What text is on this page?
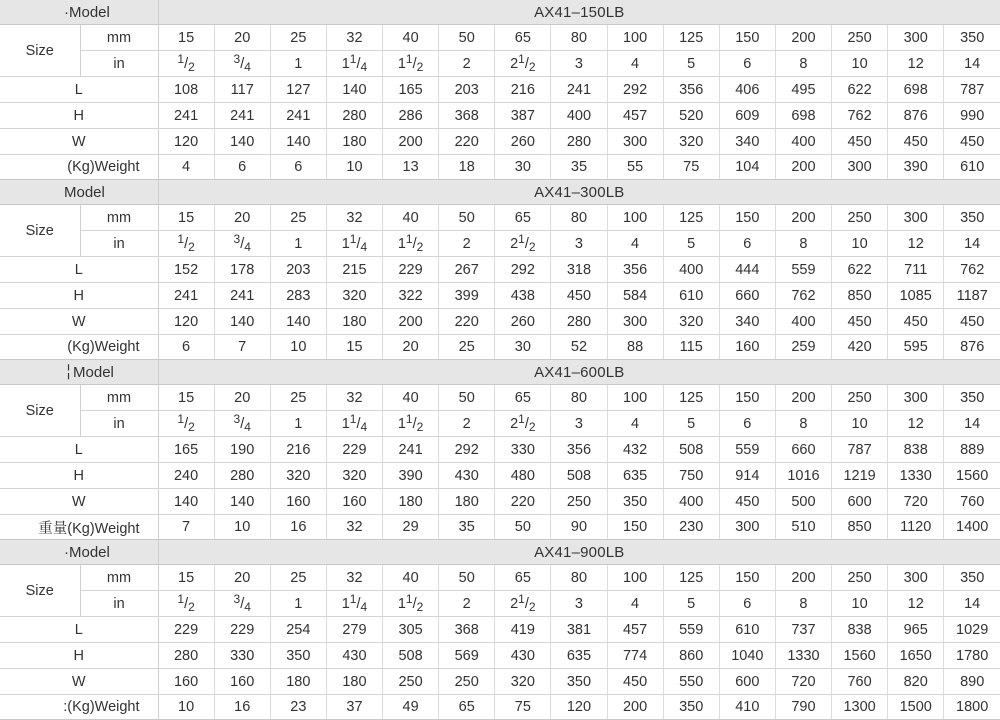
·Model		AX41–150LB														
Size	mm	15	20	25	32	40	50	65	80	100	125	150	200	250	300	350
	in	$^1/_2$	$^3/_4$	1	$1^1/_4$	$1^1/_2$	2	$2^1/_2$	3	4	5	6	8	10	12	14
L		108	117	127	140	165	203	216	241	292	356	406	495	622	698	787
H		241	241	241	280	286	368	387	400	457	520	609	698	762	876	990
W		120	140	140	180	200	220	260	280	300	320	340	400	450	450	450
(Kg)Weight		4	6	6	10	13	18	30	35	55	75	104	200	300	390	610
Model		AX41–300LB														
Size	mm	15	20	25	32	40	50	65	80	100	125	150	200	250	300	350
	in	$^1/_2$	$^3/_4$	1	$1^1/_4$	$1^1/_2$	2	$2^1/_2$	3	4	5	6	8	10	12	14
L		152	178	203	215	229	267	292	318	356	400	444	559	622	711	762
H		241	241	283	320	322	399	438	450	584	610	660	762	850	1085	1187
W		120	140	140	180	200	220	260	280	300	320	340	400	450	450	450
(Kg)Weight		6	7	10	15	20	25	30	52	88	115	160	259	420	595	876
╎Model		AX41–600LB														
Size	mm	15	20	25	32	40	50	65	80	100	125	150	200	250	300	350
	in	$^1/_2$	$^3/_4$	1	$1^1/_4$	$1^1/_2$	2	$2^1/_2$	3	4	5	6	8	10	12	14
L		165	190	216	229	241	292	330	356	432	508	559	660	787	838	889
H		240	280	320	320	390	430	480	508	635	750	914	1016	1219	1330	1560
W		140	140	160	160	180	180	220	250	350	400	450	500	600	720	760
重量(Kg)Weight		7	10	16	32	29	35	50	90	150	230	300	510	850	1120	1400
·Model		AX41–900LB														
Size	mm	15	20	25	32	40	50	65	80	100	125	150	200	250	300	350
	in	$^1/_2$	$^3/_4$	1	$1^1/_4$	$1^1/_2$	2	$2^1/_2$	3	4	5	6	8	10	12	14
L		229	229	254	279	305	368	419	381	457	559	610	737	838	965	1029
H		280	330	350	430	508	569	430	635	774	860	1040	1330	1560	1650	1780
W		160	160	180	180	250	250	320	350	450	550	600	720	760	820	890
:(Kg)Weight		10	16	23	37	49	65	75	120	200	350	410	790	1300	1500	1800
